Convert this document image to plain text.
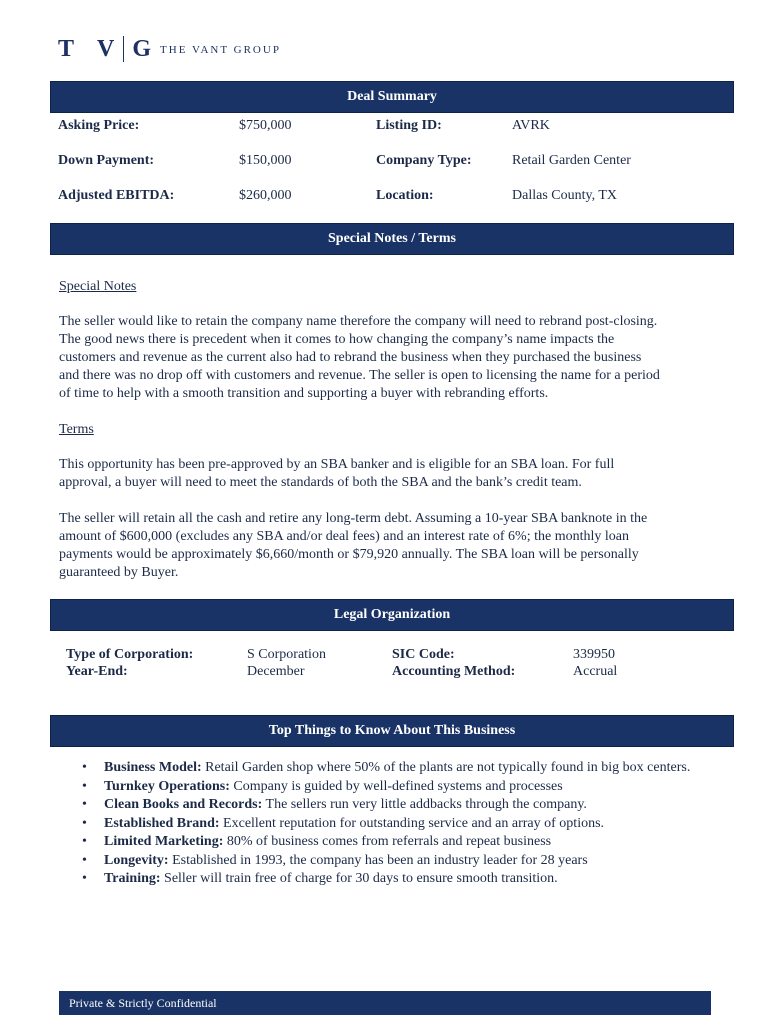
T V G THE VANT GROUP
Deal Summary
Asking Price:	$750,000	Listing ID:	AVRK
Down Payment:	$150,000	Company Type:	Retail Garden Center
Adjusted EBITDA:	$260,000	Location:	Dallas County, TX
Special Notes / Terms
Special Notes
The seller would like to retain the company name therefore the company will need to rebrand post-closing.
The good news there is precedent when it comes to how changing the company’s name impacts the
customers and revenue as the current also had to rebrand the business when they purchased the business
and there was no drop off with customers and revenue. The seller is open to licensing the name for a period
of time to help with a smooth transition and supporting a buyer with rebranding efforts.
Terms
This opportunity has been pre-approved by an SBA banker and is eligible for an SBA loan. For full
approval, a buyer will need to meet the standards of both the SBA and the bank’s credit team.
The seller will retain all the cash and retire any long-term debt. Assuming a 10-year SBA banknote in the
amount of $600,000 (excludes any SBA and/or deal fees) and an interest rate of 6%; the monthly loan
payments would be approximately $6,660/month or $79,920 annually. The SBA loan will be personally
guaranteed by Buyer.
Legal Organization
Type of Corporation:	S Corporation	SIC Code:	339950
Year-End:	December	Accounting Method:	Accrual
Top Things to Know About This Business
• Business Model: Retail Garden shop where 50% of the plants are not typically found in big box centers.
• Turnkey Operations: Company is guided by well-defined systems and processes
• Clean Books and Records: The sellers run very little addbacks through the company.
• Established Brand: Excellent reputation for outstanding service and an array of options.
• Limited Marketing: 80% of business comes from referrals and repeat business
• Longevity: Established in 1993, the company has been an industry leader for 28 years
• Training: Seller will train free of charge for 30 days to ensure smooth transition.
Private & Strictly Confidential
